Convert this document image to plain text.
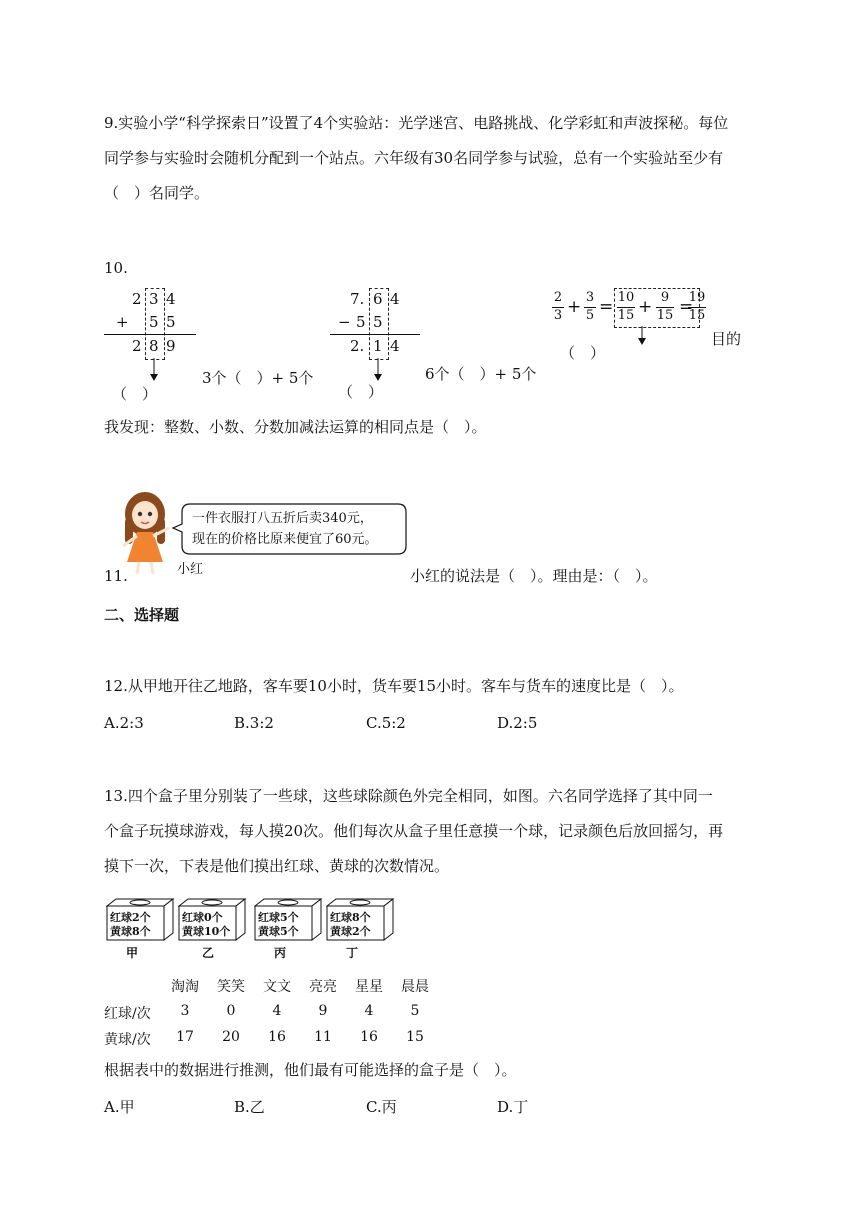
9.实验小学“科学探索日”设置了4个实验站：光学迷宫、电路挑战、化学彩虹和声波探秘。每位
同学参与实验时会随机分配到一个站点。六年级有30名同学参与试验，总有一个实验站至少有
（　）名同学。
10.
2 3 4
+ 5 5
2 8 9
（　）
3个（　）+ 5个
7. 6 4
− 5 5
2. 1 4
（　）
6个（　）+ 5个
2
3 + 3
5 = 10
15 + 9
15 =
19
15
（　）
目的
我发现：整数、小数、分数加减法运算的相同点是（　）。
一件衣服打八五折后卖340元，
现在的价格比原来便宜了60元。
11.	小红	小红的说法是（　）。理由是：（　）。
二、选择题
12.从甲地开往乙地路，客车要10小时，货车要15小时。客车与货车的速度比是（　）。
A.2:3	B.3:2	C.5:2	D.2:5
13.四个盒子里分别装了一些球，这些球除颜色外完全相同，如图。六名同学选择了其中同一
个盒子玩摸球游戏，每人摸20次。他们每次从盒子里任意摸一个球，记录颜色后放回摇匀，再
摸下一次，下表是他们摸出红球、黄球的次数情况。
红球2个
黄球8个
甲
红球0个
黄球10个
乙
红球5个
黄球5个
丙
红球8个
黄球2个
丁
淘淘	笑笑	文文	亮亮	星星	晨晨
红球/次	3	0	4	9	4	5
黄球/次	17	20	16	11	16	15
根据表中的数据进行推测，他们最有可能选择的盒子是（　）。
A.甲	B.乙	C.丙	D.丁
